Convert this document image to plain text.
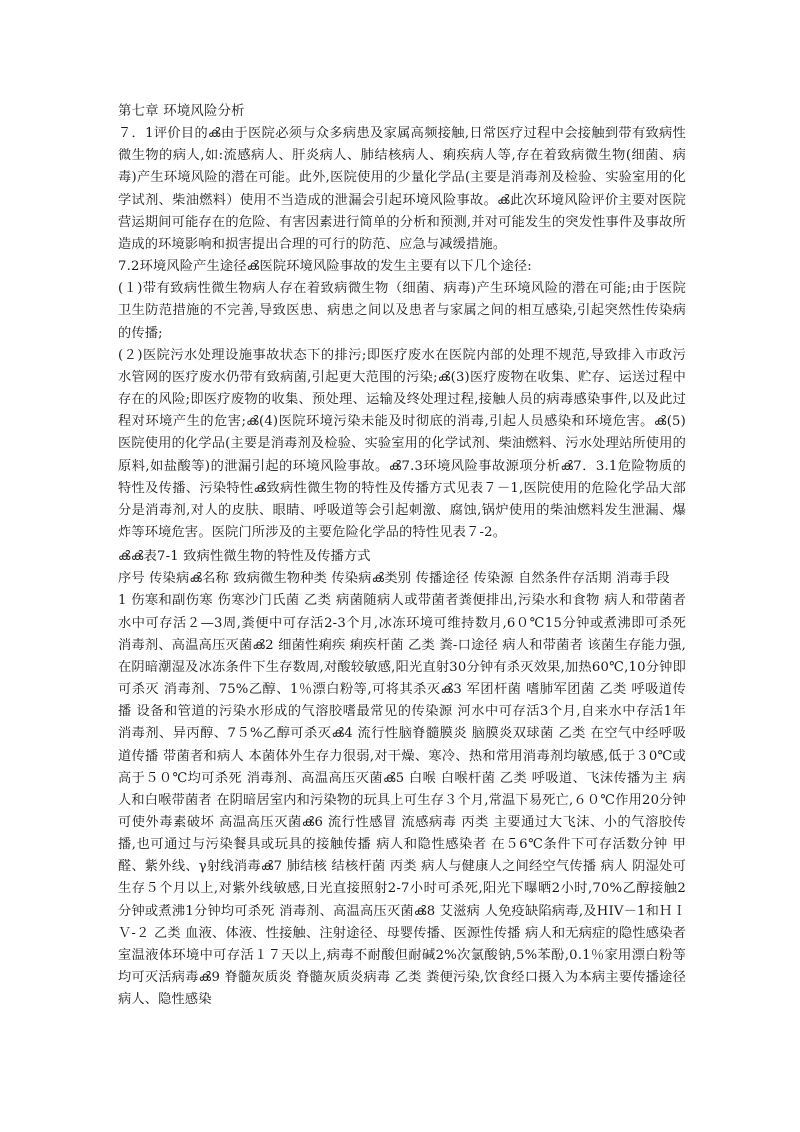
第七章 环境风险分析

７．1评价目的ൿ由于医院必须与众多病患及家属高频接触,日常医疗过程中会接触到带有致病性微生物的病人,如:流感病人、肝炎病人、肺结核病人、痢疾病人等,存在着致病微生物(细菌、病毒)产生环境风险的潜在可能。此外,医院使用的少量化学品(主要是消毒剂及检验、实验室用的化学试剂、柴油燃料）使用不当造成的泄漏会引起环境风险事故。ൿ此次环境风险评价主要对医院营运期间可能存在的危险、有害因素进行简单的分析和预测,并对可能发生的突发性事件及事故所造成的环境影响和损害提出合理的可行的防范、应急与减缓措施。

7.2环境风险产生途径ൿ医院环境风险事故的发生主要有以下几个途径:

(１)带有致病性微生物病人存在着致病微生物（细菌、病毒)产生环境风险的潜在可能;由于医院卫生防范措施的不完善,导致医患、病患之间以及患者与家属之间的相互感染,引起突然性传染病的传播;

(２)医院污水处理设施事故状态下的排污;即医疗废水在医院内部的处理不规范,导致排入市政污水管网的医疗废水仍带有致病菌,引起更大范围的污染;ൿ(3)医疗废物在收集、贮存、运送过程中存在的风险;即医疗废物的收集、预处理、运输及终处理过程,接触人员的病毒感染事件,以及此过程对环境产生的危害;ൿ(4)医院环境污染未能及时彻底的消毒,引起人员感染和环境危害。ൿ(5)医院使用的化学品(主要是消毒剂及检验、实验室用的化学试剂、柴油燃料、污水处理站所使用的原料,如盐酸等)的泄漏引起的环境风险事故。ൿ7.3环境风险事故源项分析ൿ7．3.1危险物质的特性及传播、污染特性ൿ致病性微生物的特性及传播方式见表７－1,医院使用的危险化学品大部分是消毒剂,对人的皮肤、眼睛、呼吸道等会引起刺激、腐蚀,锅炉使用的柴油燃料发生泄漏、爆炸等环境危害。医院门所涉及的主要危险化学品的特性见表７-2。

ൿൿ表7-1 致病性微生物的特性及传播方式

序号 传染病ൿ名称 致病微生物种类 传染病ൿ类别 传播途径 传染源 自然条件存活期 消毒手段

1 伤寒和副伤寒 伤寒沙门氏菌 乙类 病菌随病人或带菌者粪便排出,污染水和食物 病人和带菌者 水中可存活２—3周,粪便中可存活2-3个月,冰冻环境可维持数月,6０℃15分钟或煮沸即可杀死 消毒剂、高温高压灭菌ൿ2 细菌性痢疾 痢疾杆菌 乙类 粪-口途径 病人和带菌者 该菌生存能力强,在阴暗潮湿及冰冻条件下生存数周,对酸较敏感,阳光直射30分钟有杀灭效果,加热60℃,10分钟即可杀灭 消毒剂、75%乙醇、1％漂白粉等,可将其杀灭ൿ3 军团杆菌 嗜肺军团菌 乙类 呼吸道传播 设备和管道的污染水形成的气溶胶嗜最常见的传染源 河水中可存活3个月,自来水中存活1年 消毒剂、异丙醇、7５%乙醇可杀灭ൿ4 流行性脑脊髓膜炎 脑膜炎双球菌 乙类 在空气中经呼吸道传播 带菌者和病人 本菌体外生存力很弱,对干燥、寒冷、热和常用消毒剂均敏感,低于３0℃或高于５０℃均可杀死 消毒剂、高温高压灭菌ൿ5 白喉 白喉杆菌 乙类 呼吸道、飞沫传播为主 病人和白喉带菌者 在阴暗居室内和污染物的玩具上可生存３个月,常温下易死亡,６０℃作用20分钟可使外毒素破坏 高温高压灭菌ൿ6 流行性感冒 流感病毒 丙类 主要通过大飞沫、小的气溶胶传播,也可通过与污染餐具或玩具的接触传播 病人和隐性感染者 在５6℃条件下可存活数分钟 甲醛、紫外线、γ射线消毒ൿ7 肺结核 结核杆菌 丙类 病人与健康人之间经空气传播 病人 阴湿处可生存５个月以上,对紫外线敏感,日光直接照射2-7小时可杀死,阳光下曝晒2小时,70%乙醇接触2分钟或煮沸1分钟均可杀死 消毒剂、高温高压灭菌ൿ8 艾滋病 人免疫缺陷病毒,及HIV－1和ＨＩＶ-２ 乙类 血液、体液、性接触、注射途径、母婴传播、医源性传播 病人和无病症的隐性感染者 室温液体环境中可存活１７天以上,病毒不耐酸但耐碱2%次氯酸钠,5%苯酚,0.1％家用漂白粉等均可灭活病毒ൿ9 脊髓灰质炎 脊髓灰质炎病毒 乙类 粪便污染,饮食经口摄入为本病主要传播途径 病人、隐性感染
